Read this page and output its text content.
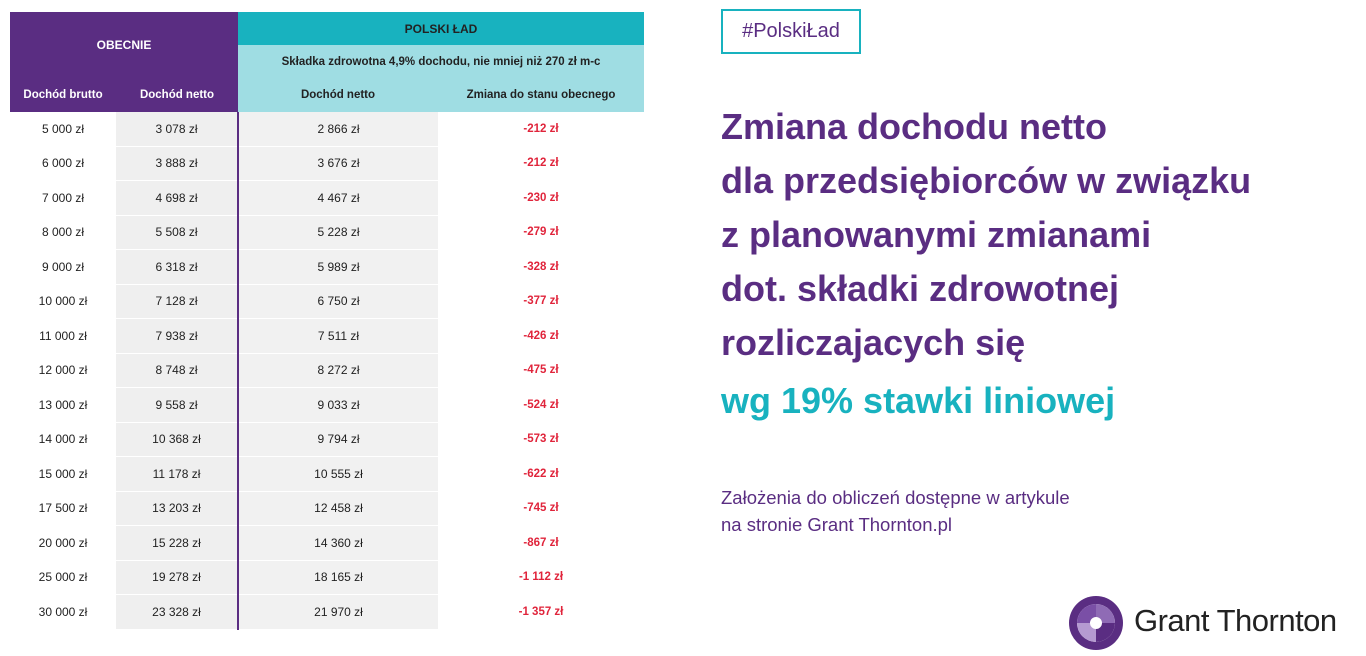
OBECNIE		POLSKI ŁAD	
		Składka zdrowotna 4,9% dochodu, nie mniej niż 270 zł m-c	
Dochód brutto	Dochód netto	Dochód netto	Zmiana do stanu obecnego
5 000 zł	3 078 zł	2 866 zł	-212 zł
6 000 zł	3 888 zł	3 676 zł	-212 zł
7 000 zł	4 698 zł	4 467 zł	-230 zł
8 000 zł	5 508 zł	5 228 zł	-279 zł
9 000 zł	6 318 zł	5 989 zł	-328 zł
10 000 zł	7 128 zł	6 750 zł	-377 zł
11 000 zł	7 938 zł	7 511 zł	-426 zł
12 000 zł	8 748 zł	8 272 zł	-475 zł
13 000 zł	9 558 zł	9 033 zł	-524 zł
14 000 zł	10 368 zł	9 794 zł	-573 zł
15 000 zł	11 178 zł	10 555 zł	-622 zł
17 500 zł	13 203 zł	12 458 zł	-745 zł
20 000 zł	15 228 zł	14 360 zł	-867 zł
25 000 zł	19 278 zł	18 165 zł	-1 112 zł
30 000 zł	23 328 zł	21 970 zł	-1 357 zł
#PolskiŁad
Zmiana dochodu netto
dla przedsiębiorców w związku
z planowanymi zmianami
dot. składki zdrowotnej
rozliczajacych się
wg 19% stawki liniowej
Założenia do obliczeń dostępne w artykule
na stronie Grant Thornton.pl
Grant Thornton
